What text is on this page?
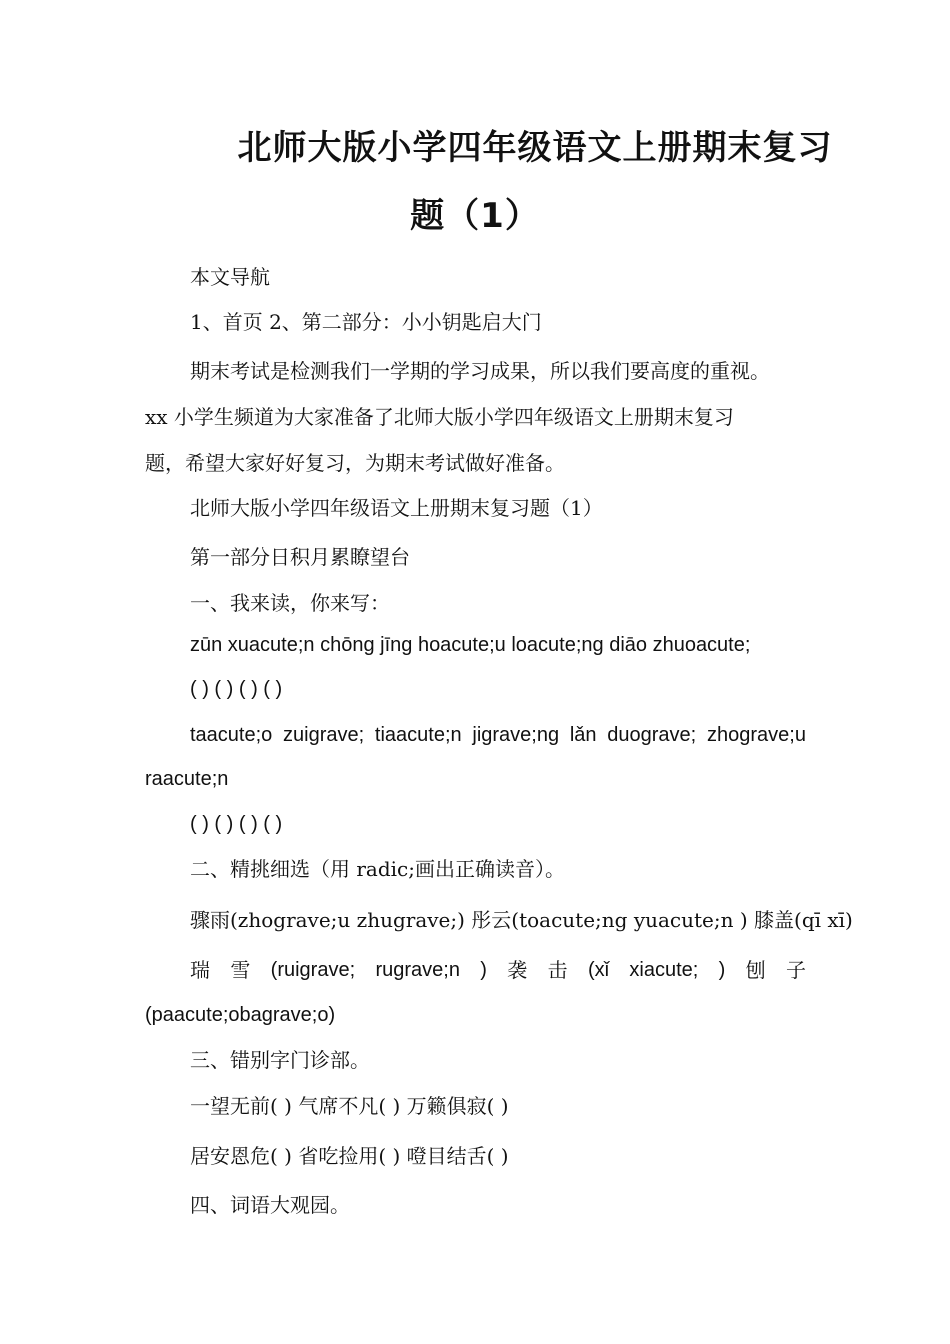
北师大版小学四年级语文上册期末复习
题（1）
本文导航
1、首页 2、第二部分：小小钥匙启大门
期末考试是检测我们一学期的学习成果，所以我们要高度的重视。
xx 小学生频道为大家准备了北师大版小学四年级语文上册期末复习
题，希望大家好好复习，为期末考试做好准备。
北师大版小学四年级语文上册期末复习题（1）
第一部分日积月累瞭望台
一、我来读，你来写：
zūn xuacute;n chōng jīng hoacute;u loacute;ng diāo zhuoacute;
( ) ( ) ( ) ( )
taacute;o zuigrave; tiaacute;n jigrave;ng lǎn duograve; zhograve;u
raacute;n
( ) ( ) ( ) ( )
二、精挑细选（用 radic;画出正确读音）。
骤雨(zhograve;u zhugrave;) 彤云(toacute;ng yuacute;n ) 膝盖(qī xī)
瑞 雪 (ruigrave; rugrave;n ) 袭 击 (xǐ xiacute; ) 刨 子
(paacute;obagrave;o)
三、错别字门诊部。
一望无前( ) 气席不凡( ) 万籁俱寂( )
居安恩危( ) 省吃捡用( ) 噔目结舌( )
四、词语大观园。
